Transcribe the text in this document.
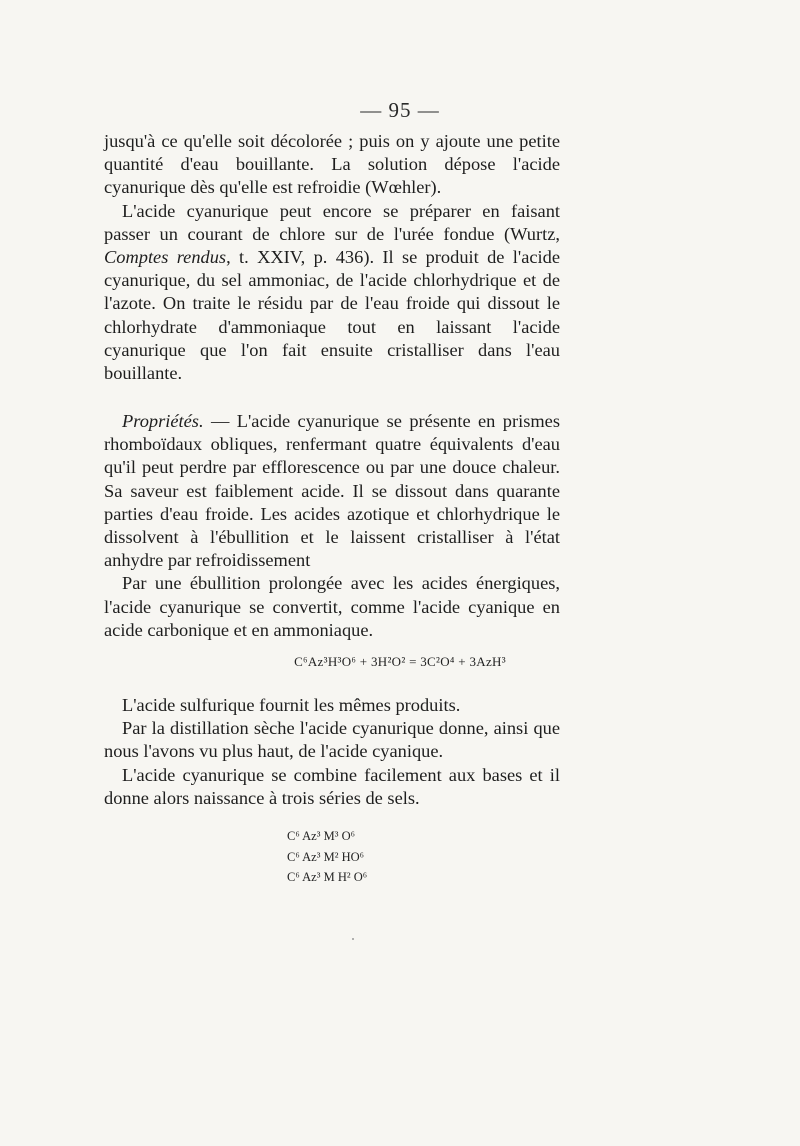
— 95 —

jusqu'à ce qu'elle soit décolorée ; puis on y ajoute une petite quantité d'eau bouillante. La solution dépose l'acide cyanurique dès qu'elle est refroidie (Wœhler).

L'acide cyanurique peut encore se préparer en faisant passer un courant de chlore sur de l'urée fondue (Wurtz, Comptes rendus, t. XXIV, p. 436). Il se produit de l'acide cyanurique, du sel ammoniac, de l'acide chlorhydrique et de l'azote. On traite le résidu par de l'eau froide qui dissout le chlorhydrate d'ammoniaque tout en laissant l'acide cyanurique que l'on fait ensuite cristalliser dans l'eau bouillante.

Propriétés. — L'acide cyanurique se présente en prismes rhomboïdaux obliques, renfermant quatre équivalents d'eau qu'il peut perdre par efflorescence ou par une douce chaleur. Sa saveur est faiblement acide. Il se dissout dans quarante parties d'eau froide. Les acides azotique et chlorhydrique le dissolvent à l'ébullition et le laissent cristalliser à l'état anhydre par refroidissement

Par une ébullition prolongée avec les acides énergiques, l'acide cyanurique se convertit, comme l'acide cyanique en acide carbonique et en ammoniaque.

C⁶Az³H³O⁶ + 3H²O² = 3C²O⁴ + 3AzH³

L'acide sulfurique fournit les mêmes produits.

Par la distillation sèche l'acide cyanurique donne, ainsi que nous l'avons vu plus haut, de l'acide cyanique.

L'acide cyanurique se combine facilement aux bases et il donne alors naissance à trois séries de sels.

C⁶ Az³ M³ O⁶
C⁶ Az³ M² HO⁶
C⁶ Az³ M H² O⁶
